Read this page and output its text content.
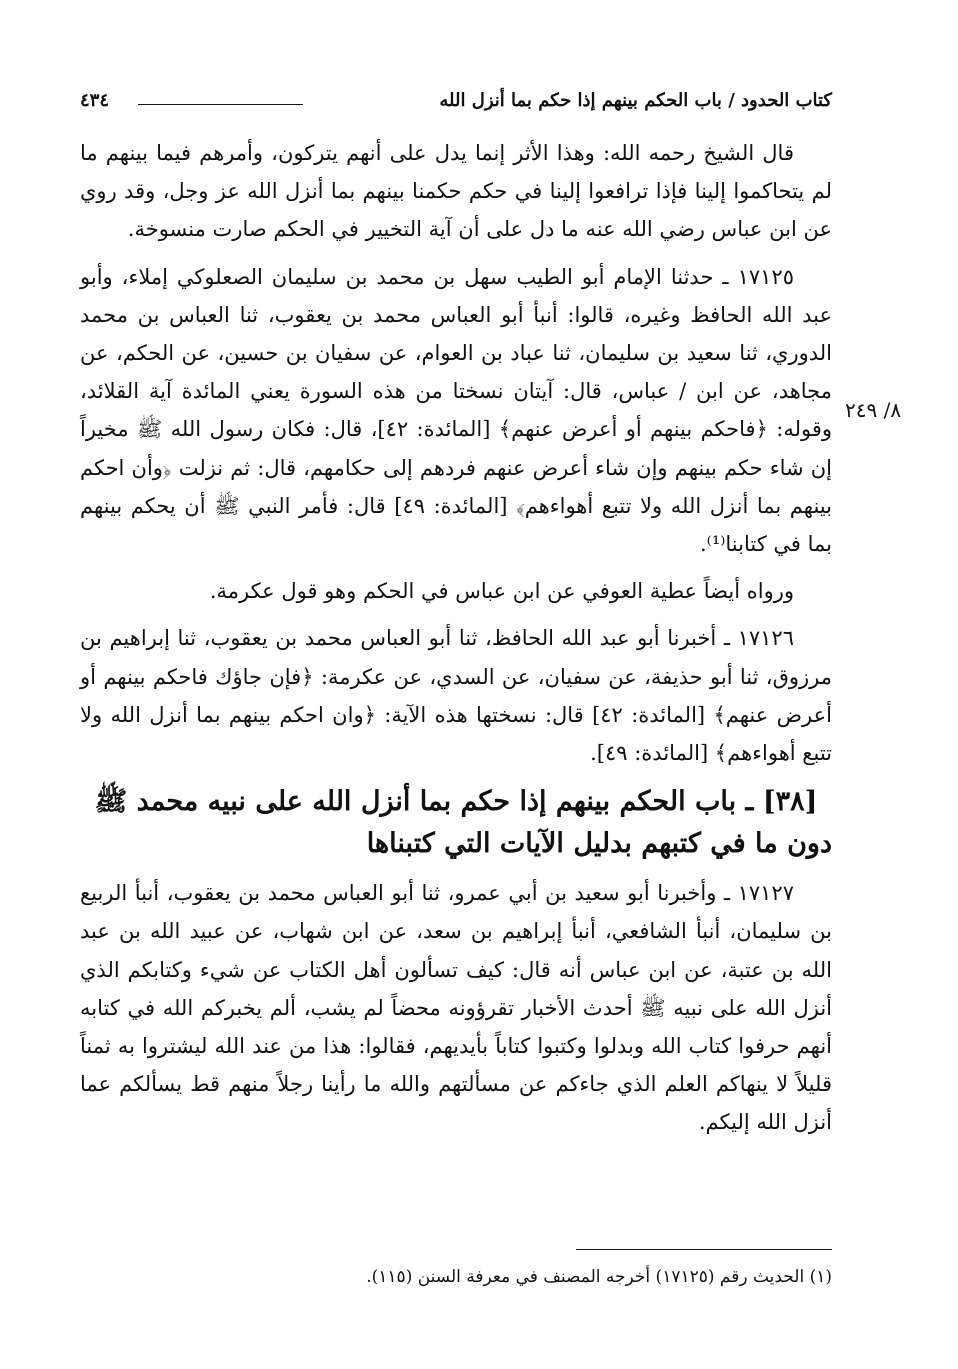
كتاب الحدود / باب الحكم بينهم إذا حكم بما أنزل الله
٤٣٤
٨/ ٢٤٩

قال الشيخ رحمه الله: وهذا الأثر إنما يدل على أنهم يتركون، وأمرهم فيما بينهم ما لم يتحاكموا إلينا فإذا ترافعوا إلينا في حكم حكمنا بينهم بما أنزل الله عز وجل، وقد روي عن ابن عباس رضي الله عنه ما دل على أن آية التخيير في الحكم صارت منسوخة.

١٧١٢٥ ـ حدثنا الإمام أبو الطيب سهل بن محمد بن سليمان الصعلوكي إملاء، وأبو عبد الله الحافظ وغيره، قالوا: أنبأ أبو العباس محمد بن يعقوب، ثنا العباس بن محمد الدوري، ثنا سعيد بن سليمان، ثنا عباد بن العوام، عن سفيان بن حسين، عن الحكم، عن مجاهد، عن ابن / عباس، قال: آيتان نسختا من هذه السورة يعني المائدة آية القلائد، وقوله: ﴿فاحكم بينهم أو أعرض عنهم﴾ [المائدة: ٤٢]، قال: فكان رسول الله ﷺ مخيراً إن شاء حكم بينهم وإن شاء أعرض عنهم فردهم إلى حكامهم، قال: ثم نزلت ﴿وأن احكم بينهم بما أنزل الله ولا تتبع أهواءهم﴾ [المائدة: ٤٩] قال: فأمر النبي ﷺ أن يحكم بينهم بما في كتابنا⁽¹⁾.

ورواه أيضاً عطية العوفي عن ابن عباس في الحكم وهو قول عكرمة.

١٧١٢٦ ـ أخبرنا أبو عبد الله الحافظ، ثنا أبو العباس محمد بن يعقوب، ثنا إبراهيم بن مرزوق، ثنا أبو حذيفة، عن سفيان، عن السدي، عن عكرمة: ﴿فإن جاؤك فاحكم بينهم أو أعرض عنهم﴾ [المائدة: ٤٢] قال: نسختها هذه الآية: ﴿وان احكم بينهم بما أنزل الله ولا تتبع أهواءهم﴾ [المائدة: ٤٩].

[٣٨] ـ باب الحكم بينهم إذا حكم بما أنزل الله على نبيه محمد ﷺ دون ما في كتبهم بدليل الآيات التي كتبناها

١٧١٢٧ ـ وأخبرنا أبو سعيد بن أبي عمرو، ثنا أبو العباس محمد بن يعقوب، أنبأ الربيع بن سليمان، أنبأ الشافعي، أنبأ إبراهيم بن سعد، عن ابن شهاب، عن عبيد الله بن عبد الله بن عتبة، عن ابن عباس أنه قال: كيف تسألون أهل الكتاب عن شيء وكتابكم الذي أنزل الله على نبيه ﷺ أحدث الأخبار تقرؤونه محضاً لم يشب، ألم يخبركم الله في كتابه أنهم حرفوا كتاب الله وبدلوا وكتبوا كتاباً بأيديهم، فقالوا: هذا من عند الله ليشتروا به ثمناً قليلاً لا ينهاكم العلم الذي جاءكم عن مسألتهم والله ما رأينا رجلاً منهم قط يسألكم عما أنزل الله إليكم.

(١) الحديث رقم (١٧١٢٥) أخرجه المصنف في معرفة السنن (١١٥).
